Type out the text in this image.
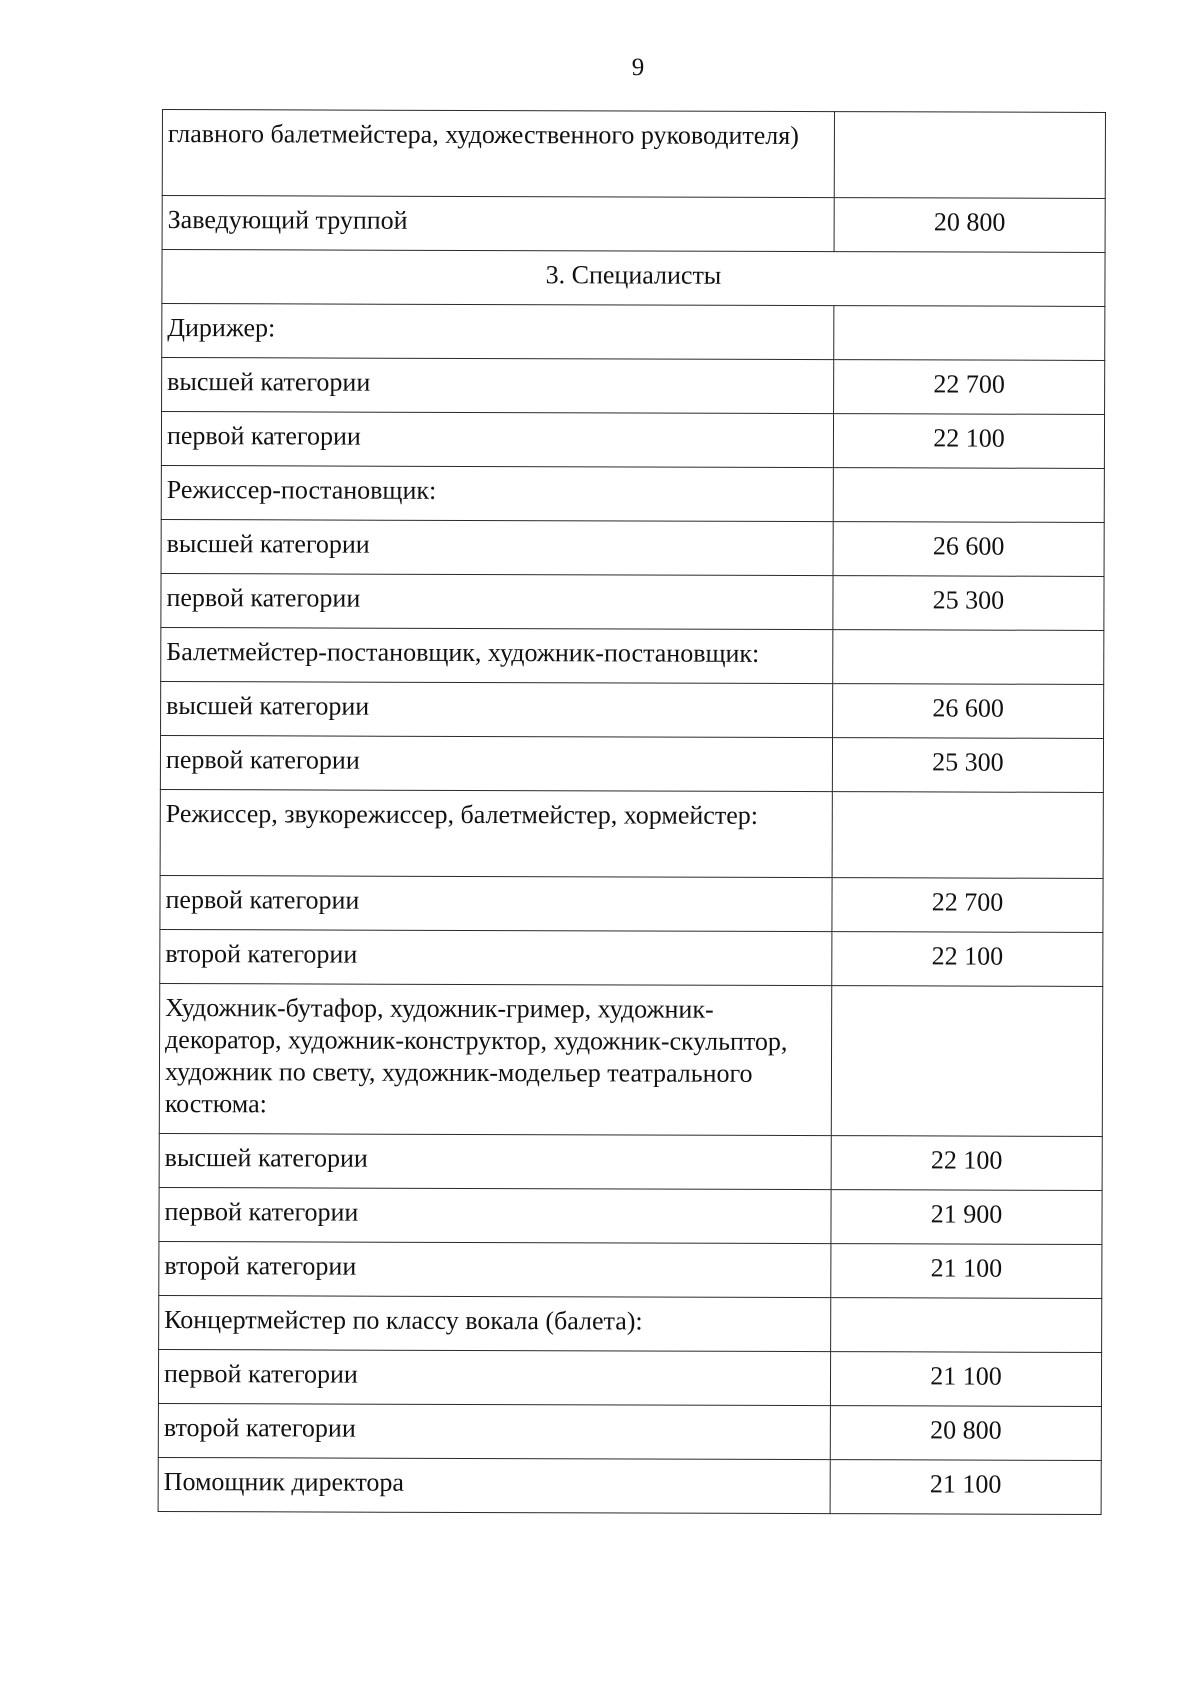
9
главного балетмейстера, художественного руководителя)	
Заведующий труппой	20 800
3. Специалисты	
Дирижер:	
высшей категории	22 700
первой категории	22 100
Режиссер-постановщик:	
высшей категории	26 600
первой категории	25 300
Балетмейстер-постановщик, художник-постановщик:	
высшей категории	26 600
первой категории	25 300
Режиссер, звукорежиссер, балетмейстер, хормейстер:	
первой категории	22 700
второй категории	22 100
Художник-бутафор, художник-гример, художник-декоратор, художник-конструктор, художник-скульптор, художник по свету, художник-модельер театрального костюма:	
высшей категории	22 100
первой категории	21 900
второй категории	21 100
Концертмейстер по классу вокала (балета):	
первой категории	21 100
второй категории	20 800
Помощник директора	21 100
